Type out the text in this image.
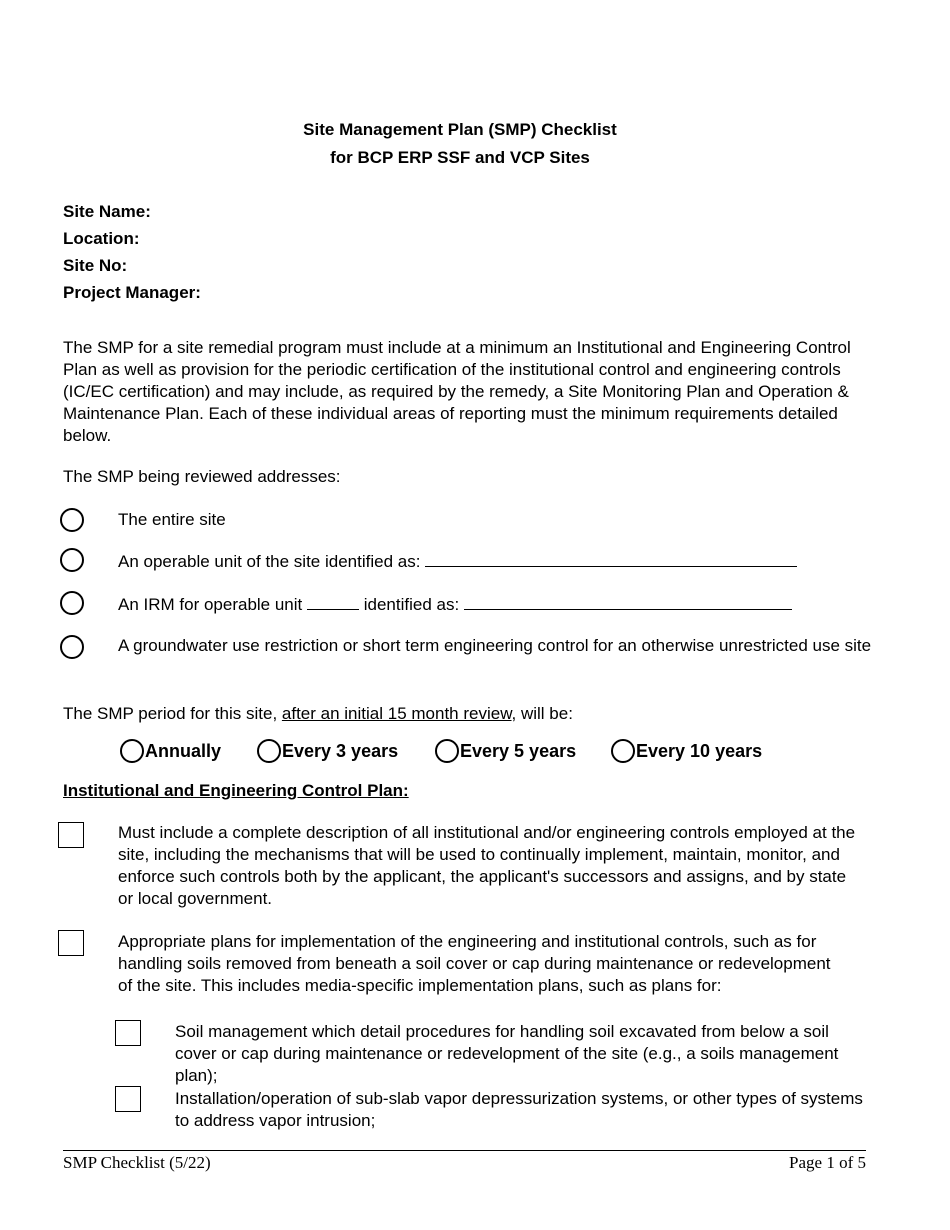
Site Management Plan (SMP) Checklist
for BCP ERP SSF and VCP Sites
Site Name:
Location:
Site No:
Project Manager:
The SMP for a site remedial program must include at a minimum an Institutional and Engineering Control Plan as well as provision for the periodic certification of the institutional control and engineering controls (IC/EC certification) and may include, as required by the remedy, a Site Monitoring Plan and Operation & Maintenance Plan. Each of these individual areas of reporting must the minimum requirements detailed below.
The SMP being reviewed addresses:
The entire site
An operable unit of the site identified as:
An IRM for operable unit	identified as:
A groundwater use restriction or short term engineering control for an otherwise unrestricted use site
The SMP period for this site, after an initial 15 month review, will be:
Annually	Every 3 years	Every 5 years	Every 10 years
Institutional and Engineering Control Plan:
Must include a complete description of all institutional and/or engineering controls employed at the site, including the mechanisms that will be used to continually implement, maintain, monitor, and enforce such controls both by the applicant, the applicant's successors and assigns, and by state or local government.
Appropriate plans for implementation of the engineering and institutional controls, such as for handling soils removed from beneath a soil cover or cap during maintenance or redevelopment of the site. This includes media-specific implementation plans, such as plans for:
Soil management which detail procedures for handling soil excavated from below a soil cover or cap during maintenance or redevelopment of the site (e.g., a soils management plan);
Installation/operation of sub-slab vapor depressurization systems, or other types of systems to address vapor intrusion;
SMP Checklist (5/22)	Page 1 of 5
